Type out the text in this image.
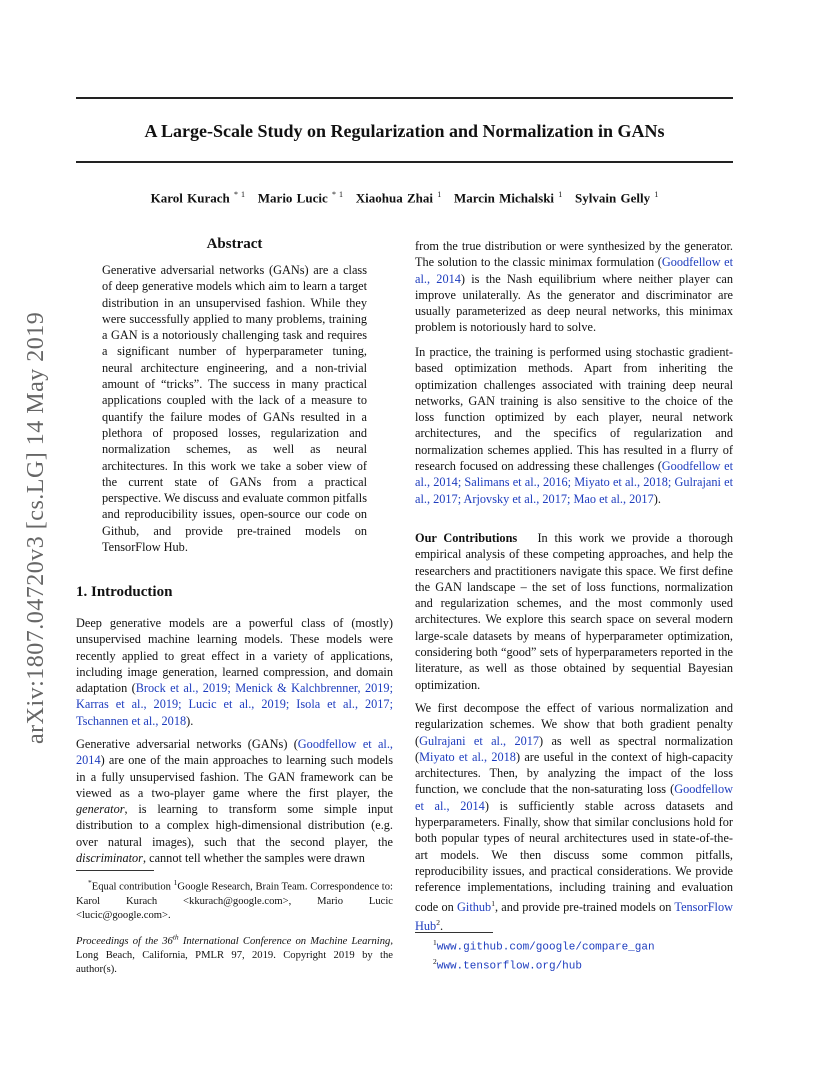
A Large-Scale Study on Regularization and Normalization in GANs
Karol Kurach $^{* 1}$ Mario Lucic $^{* 1}$ Xiaohua Zhai $^1$ Marcin Michalski $^1$ Sylvain Gelly $^1$
arXiv:1807.04720v3 [cs.LG] 14 May 2019
Abstract

Generative adversarial networks (GANs) are a class of deep generative models which aim to learn a target distribution in an unsupervised fashion. While they were successfully applied to many problems, training a GAN is a notoriously challenging task and requires a significant number of hyperparameter tuning, neural architecture engineering, and a non-trivial amount of “tricks”. The success in many practical applications coupled with the lack of a measure to quantify the failure modes of GANs resulted in a plethora of proposed losses, regularization and normalization schemes, as well as neural architectures. In this work we take a sober view of the current state of GANs from a practical perspective. We discuss and evaluate common pitfalls and reproducibility issues, open-source our code on Github, and provide pre-trained models on TensorFlow Hub.

1. Introduction

Deep generative models are a powerful class of (mostly) unsupervised machine learning models. These models were recently applied to great effect in a variety of applications, including image generation, learned compression, and domain adaptation (Brock et al., 2019; Menick & Kalchbrenner, 2019; Karras et al., 2019; Lucic et al., 2019; Isola et al., 2017; Tschannen et al., 2018).

Generative adversarial networks (GANs) (Goodfellow et al., 2014) are one of the main approaches to learning such models in a fully unsupervised fashion. The GAN framework can be viewed as a two-player game where the first player, the generator, is learning to transform some simple input distribution to a complex high-dimensional distribution (e.g. over natural images), such that the second player, the discriminator, cannot tell whether the samples were drawn

*Equal contribution $^1$Google Research, Brain Team. Correspondence to: Karol Kurach <kkurach@google.com>, Mario Lucic <lucic@google.com>.

Proceedings of the 36th International Conference on Machine Learning, Long Beach, California, PMLR 97, 2019. Copyright 2019 by the author(s).

from the true distribution or were synthesized by the generator. The solution to the classic minimax formulation (Goodfellow et al., 2014) is the Nash equilibrium where neither player can improve unilaterally. As the generator and discriminator are usually parameterized as deep neural networks, this minimax problem is notoriously hard to solve.

In practice, the training is performed using stochastic gradient-based optimization methods. Apart from inheriting the optimization challenges associated with training deep neural networks, GAN training is also sensitive to the choice of the loss function optimized by each player, neural network architectures, and the specifics of regularization and normalization schemes applied. This has resulted in a flurry of research focused on addressing these challenges (Goodfellow et al., 2014; Salimans et al., 2016; Miyato et al., 2018; Gulrajani et al., 2017; Arjovsky et al., 2017; Mao et al., 2017).

Our Contributions In this work we provide a thorough empirical analysis of these competing approaches, and help the researchers and practitioners navigate this space. We first define the GAN landscape – the set of loss functions, normalization and regularization schemes, and the most commonly used architectures. We explore this search space on several modern large-scale datasets by means of hyperparameter optimization, considering both “good” sets of hyperparameters reported in the literature, as well as those obtained by sequential Bayesian optimization.

We first decompose the effect of various normalization and regularization schemes. We show that both gradient penalty (Gulrajani et al., 2017) as well as spectral normalization (Miyato et al., 2018) are useful in the context of high-capacity architectures. Then, by analyzing the impact of the loss function, we conclude that the non-saturating loss (Goodfellow et al., 2014) is sufficiently stable across datasets and hyperparameters. Finally, show that similar conclusions hold for both popular types of neural architectures used in state-of-the-art models. We then discuss some common pitfalls, reproducibility issues, and practical considerations. We provide reference implementations, including training and evaluation code on Github$^1$, and provide pre-trained models on TensorFlow Hub$^2$.

$^1$www.github.com/google/compare_gan
$^2$www.tensorflow.org/hub
